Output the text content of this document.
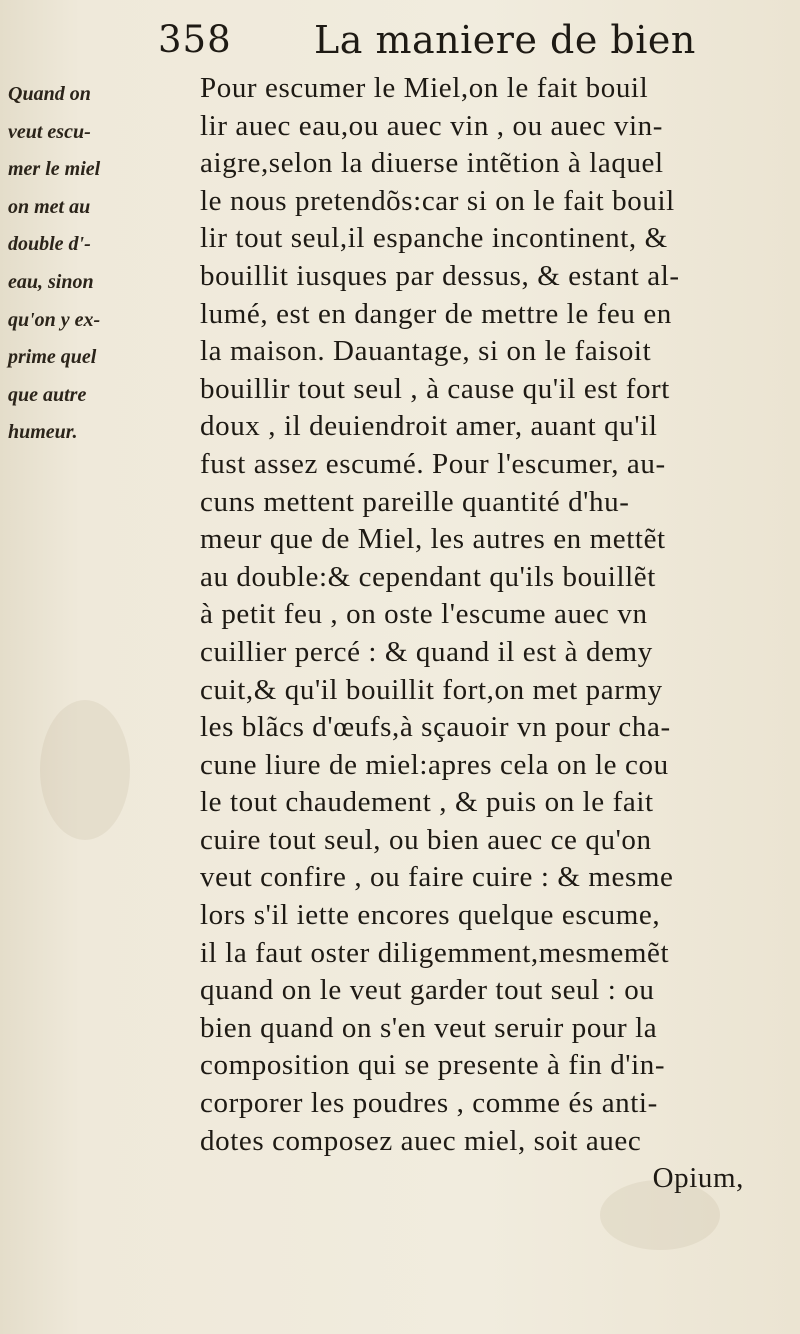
358 La maniere de bien
Quand on
veut escu-
mer le miel
on met au
double d'-
eau, sinon
qu'on y ex-
prime quel
que autre
humeur.
Pour escumer le Miel,on le fait bouil
lir auec eau,ou auec vin , ou auec vin-
aigre,selon la diuerse intẽtion à laquel
le nous pretendõs:car si on le fait bouil
lir tout seul,il espanche incontinent, &
bouillit iusques par dessus, & estant al-
lumé, est en danger de mettre le feu en
la maison. Dauantage, si on le faisoit
bouillir tout seul , à cause qu'il est fort
doux , il deuiendroit amer, auant qu'il
fust assez escumé. Pour l'escumer, au-
cuns mettent pareille quantité d'hu-
meur que de Miel, les autres en mettẽt
au double:& cependant qu'ils bouillẽt
à petit feu , on oste l'escume auec vn
cuillier percé : & quand il est à demy
cuit,& qu'il bouillit fort,on met parmy
les blãcs d'œufs,à sçauoir vn pour cha-
cune liure de miel:apres cela on le cou
le tout chaudement , & puis on le fait
cuire tout seul, ou bien auec ce qu'on
veut confire , ou faire cuire : & mesme
lors s'il iette encores quelque escume,
il la faut oster diligemment,mesmemẽt
quand on le veut garder tout seul : ou
bien quand on s'en veut seruir pour la
composition qui se presente à fin d'in-
corporer les poudres , comme és anti-
dotes composez auec miel, soit auec
Opium,
